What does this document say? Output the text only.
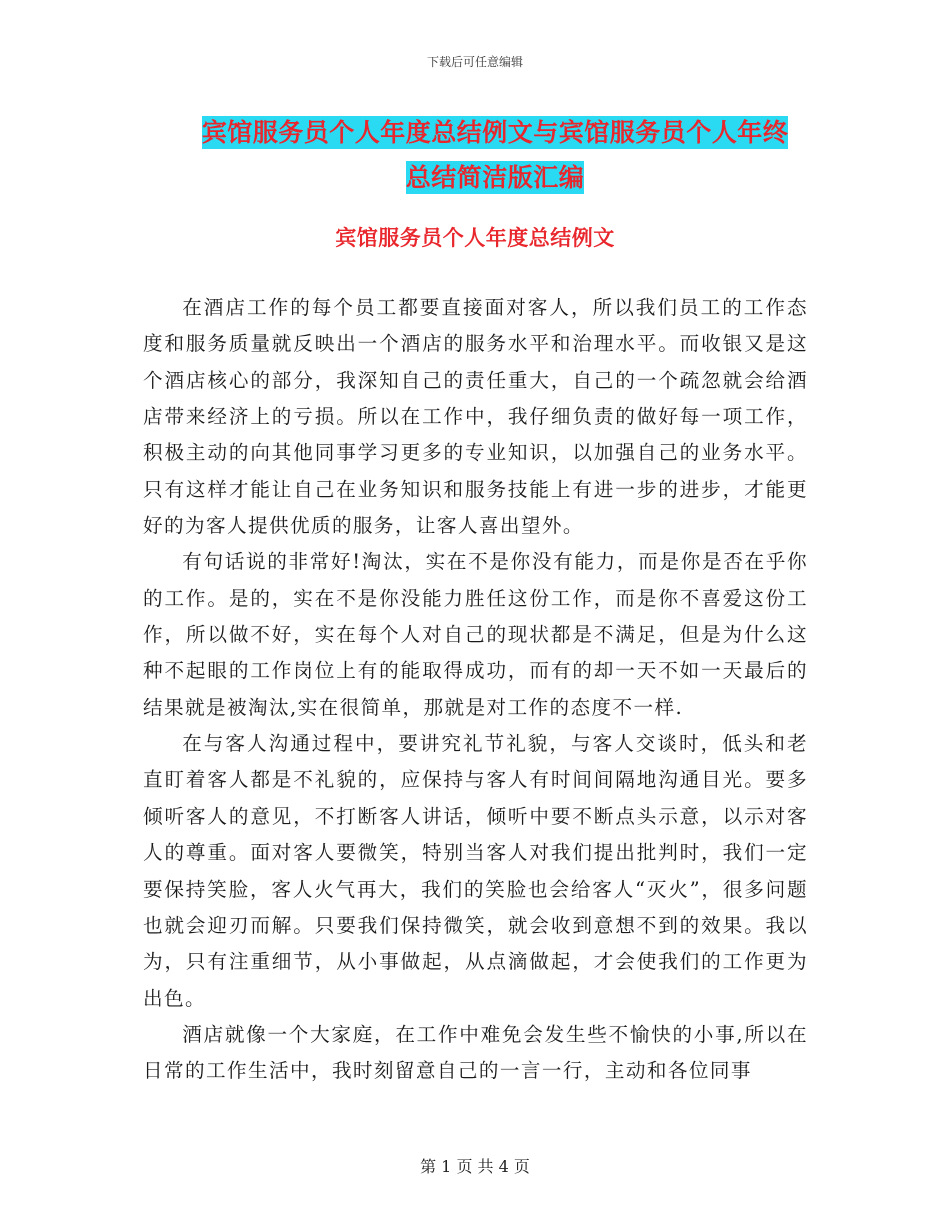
下载后可任意编辑
宾馆服务员个人年度总结例文与宾馆服务员个人年终
总结简洁版汇编
宾馆服务员个人年度总结例文

在酒店工作的每个员工都要直接面对客人，所以我们员工的工作态度和服务质量就反映出一个酒店的服务水平和治理水平。而收银又是这个酒店核心的部分，我深知自己的责任重大，自己的一个疏忽就会给酒店带来经济上的亏损。所以在工作中，我仔细负责的做好每一项工作，积极主动的向其他同事学习更多的专业知识，以加强自己的业务水平。只有这样才能让自己在业务知识和服务技能上有进一步的进步，才能更好的为客人提供优质的服务，让客人喜出望外。

有句话说的非常好!淘汰，实在不是你没有能力，而是你是否在乎你的工作。是的，实在不是你没能力胜任这份工作，而是你不喜爱这份工作，所以做不好，实在每个人对自己的现状都是不满足，但是为什么这种不起眼的工作岗位上有的能取得成功，而有的却一天不如一天最后的结果就是被淘汰,实在很简单，那就是对工作的态度不一样.

在与客人沟通过程中，要讲究礼节礼貌，与客人交谈时，低头和老直盯着客人都是不礼貌的，应保持与客人有时间间隔地沟通目光。要多倾听客人的意见，不打断客人讲话，倾听中要不断点头示意，以示对客人的尊重。面对客人要微笑，特别当客人对我们提出批判时，我们一定要保持笑脸，客人火气再大，我们的笑脸也会给客人“灭火”，很多问题也就会迎刃而解。只要我们保持微笑，就会收到意想不到的效果。我以为，只有注重细节，从小事做起，从点滴做起，才会使我们的工作更为出色。

酒店就像一个大家庭，在工作中难免会发生些不愉快的小事,所以在日常的工作生活中，我时刻留意自己的一言一行，主动和各位同事

第 1 页 共 4 页
